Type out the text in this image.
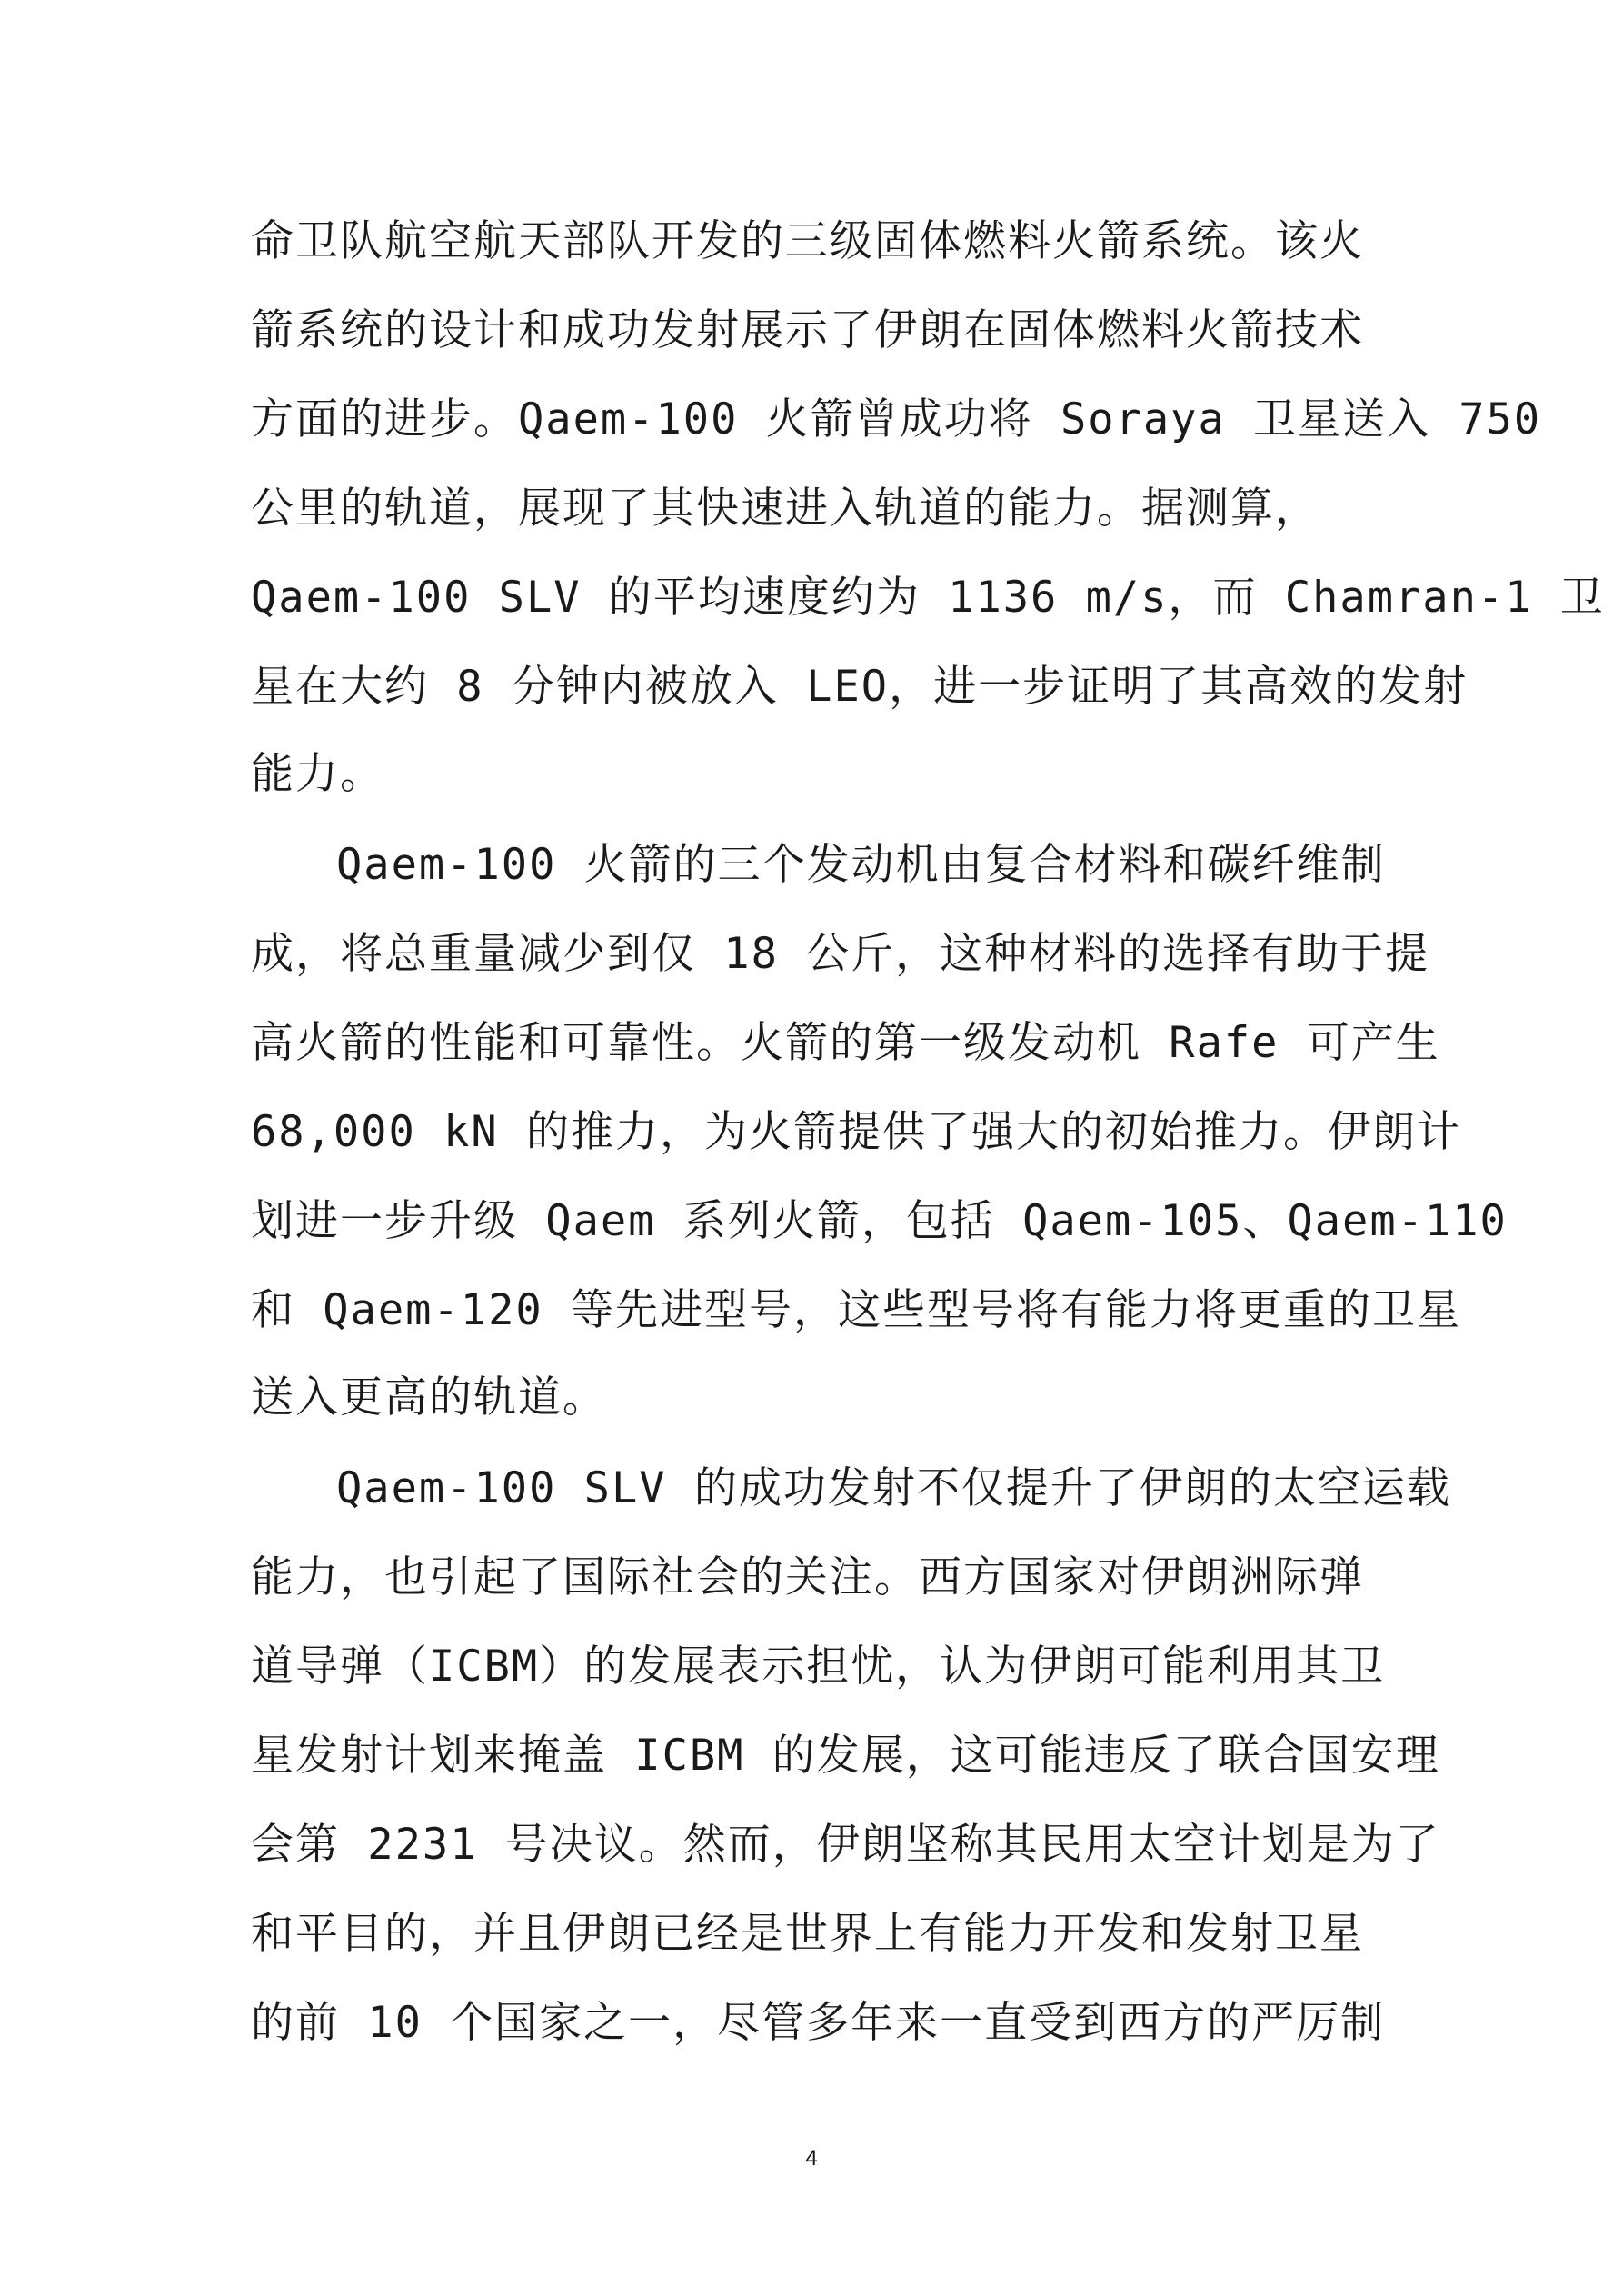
命卫队航空航天部队开发的三级固体燃料火箭系统。该火
箭系统的设计和成功发射展示了伊朗在固体燃料火箭技术
方面的进步。Qaem-100 火箭曾成功将 Soraya 卫星送入 750
公里的轨道，展现了其快速进入轨道的能力。据测算，
Qaem-100 SLV 的平均速度约为 1136 m/s，而 Chamran-1 卫
星在大约 8 分钟内被放入 LEO，进一步证明了其高效的发射
能力。
Qaem-100 火箭的三个发动机由复合材料和碳纤维制
成，将总重量减少到仅 18 公斤，这种材料的选择有助于提
高火箭的性能和可靠性。火箭的第一级发动机 Rafe 可产生
68,000 kN 的推力，为火箭提供了强大的初始推力。伊朗计
划进一步升级 Qaem 系列火箭，包括 Qaem-105、Qaem-110
和 Qaem-120 等先进型号，这些型号将有能力将更重的卫星
送入更高的轨道。
Qaem-100 SLV 的成功发射不仅提升了伊朗的太空运载
能力，也引起了国际社会的关注。西方国家对伊朗洲际弹
道导弹（ICBM）的发展表示担忧，认为伊朗可能利用其卫
星发射计划来掩盖 ICBM 的发展，这可能违反了联合国安理
会第 2231 号决议。然而，伊朗坚称其民用太空计划是为了
和平目的，并且伊朗已经是世界上有能力开发和发射卫星
的前 10 个国家之一，尽管多年来一直受到西方的严厉制
4
